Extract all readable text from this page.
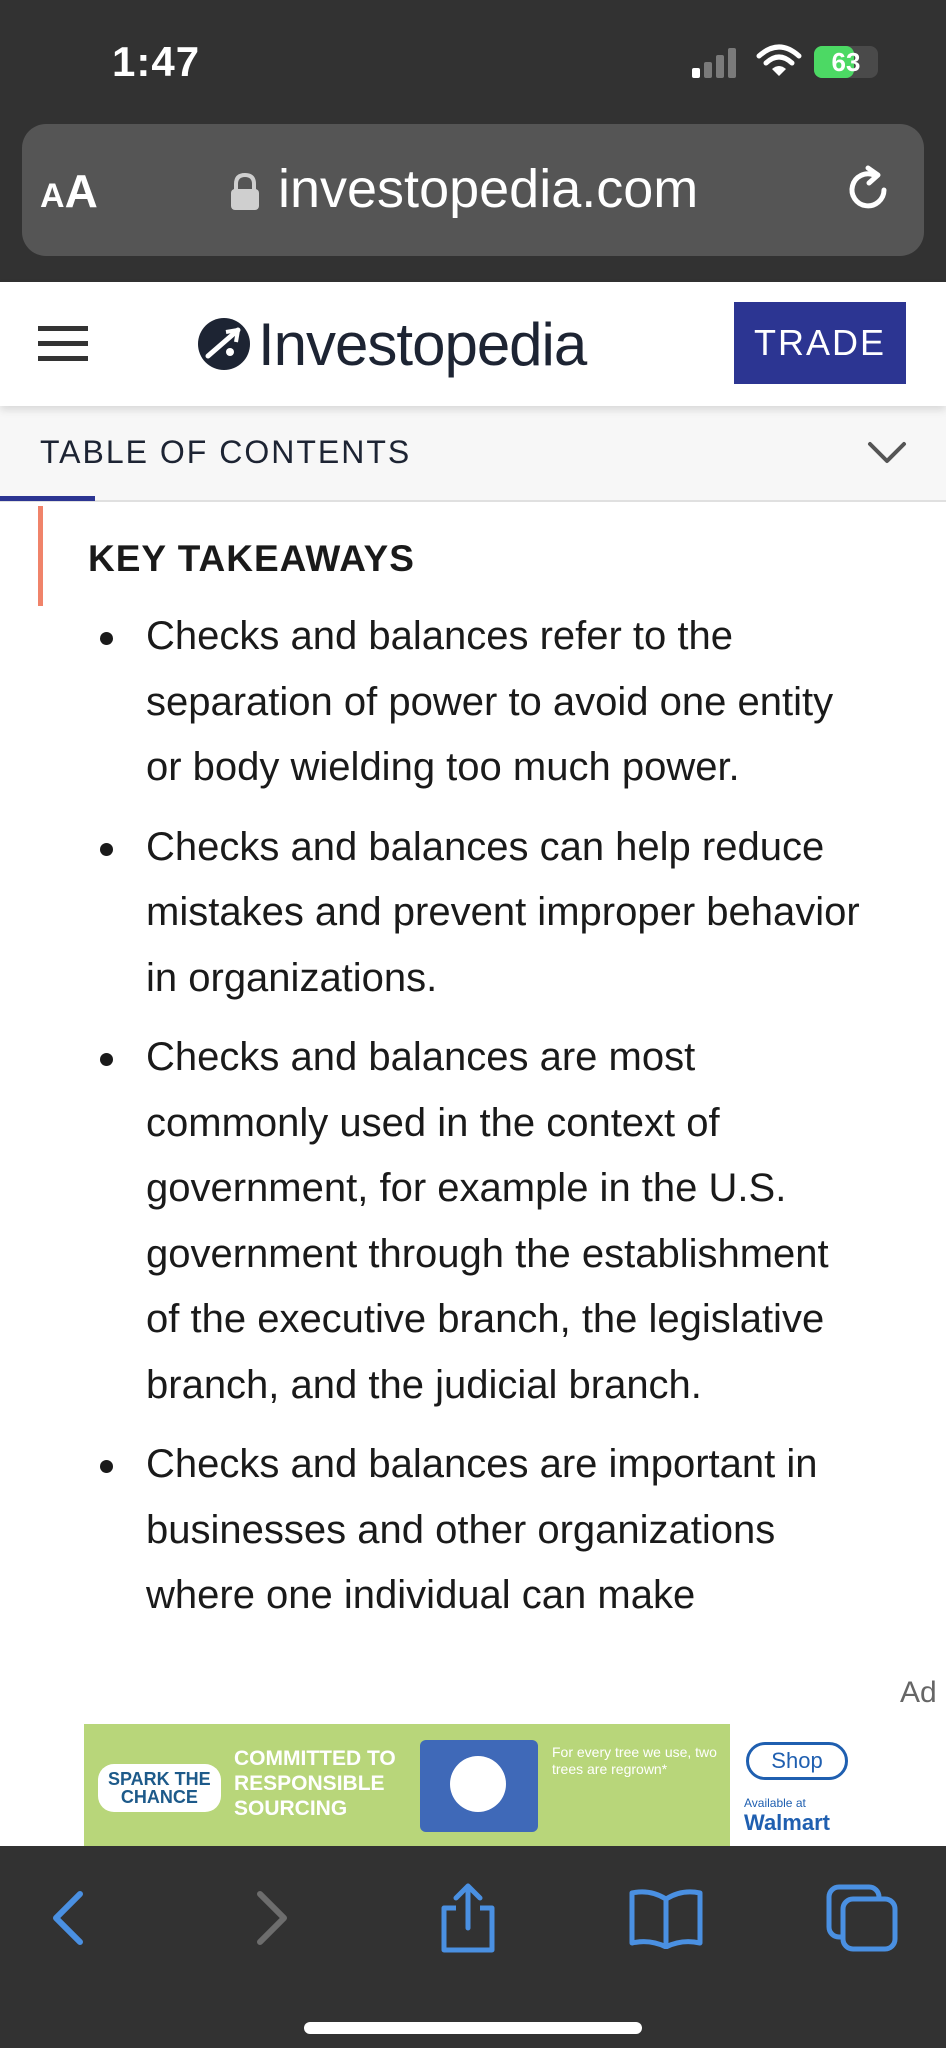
1:47	63
AA	investopedia.com
Investopedia	TRADE
TABLE OF CONTENTS
KEY TAKEAWAYS
Checks and balances refer to the separation of power to avoid one entity or body wielding too much power.
Checks and balances can help reduce mistakes and prevent improper behavior in organizations.
Checks and balances are most commonly used in the context of government, for example in the U.S. government through the establishment of the executive branch, the legislative branch, and the judicial branch.
Checks and balances are important in businesses and other organizations where one individual can make
Ad
SPARK THE
CHANCE
COMMITTED TO
RESPONSIBLE
SOURCING
For every tree we use, two trees are regrown*	Shop
Available at
Walmart
